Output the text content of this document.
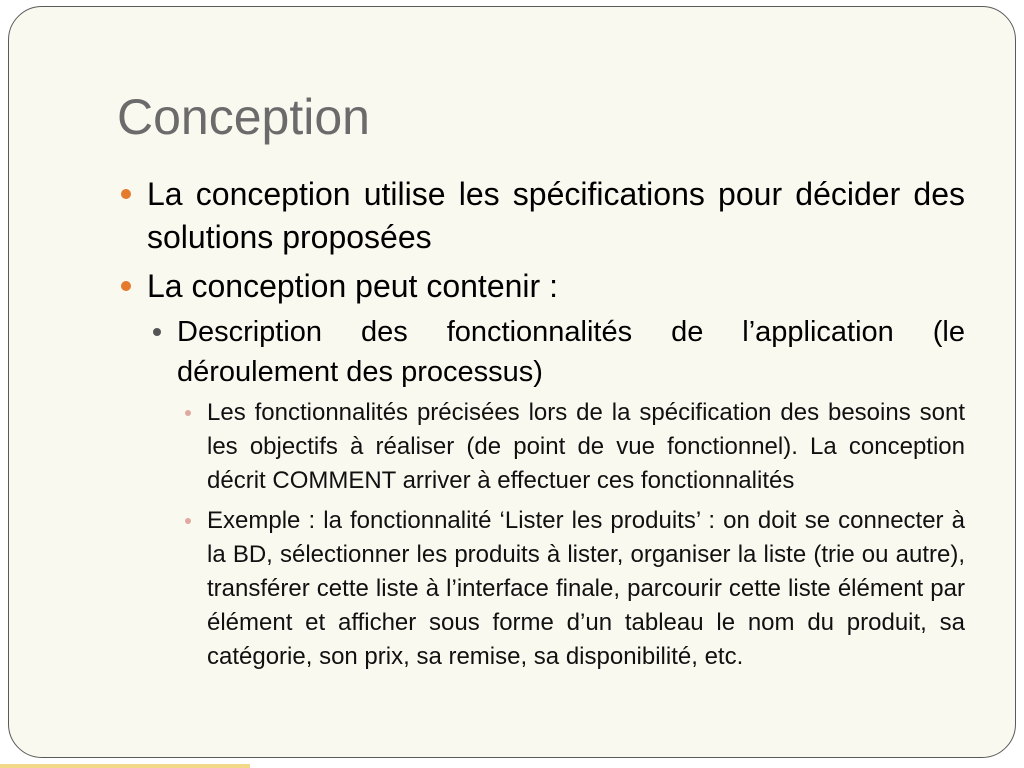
Conception
La conception utilise les spécifications pour décider des solutions proposées
La conception peut contenir :
Description des fonctionnalités de l’application (le déroulement des processus)
Les fonctionnalités précisées lors de la spécification des besoins sont les objectifs à réaliser (de point de vue fonctionnel). La conception décrit COMMENT arriver à effectuer ces fonctionnalités
Exemple : la fonctionnalité ‘Lister les produits’ : on doit se connecter à la BD, sélectionner les produits à lister, organiser la liste (trie ou autre), transférer cette liste à l’interface finale, parcourir cette liste élément par élément et afficher sous forme d’un tableau le nom du produit, sa catégorie, son prix, sa remise, sa disponibilité, etc.
